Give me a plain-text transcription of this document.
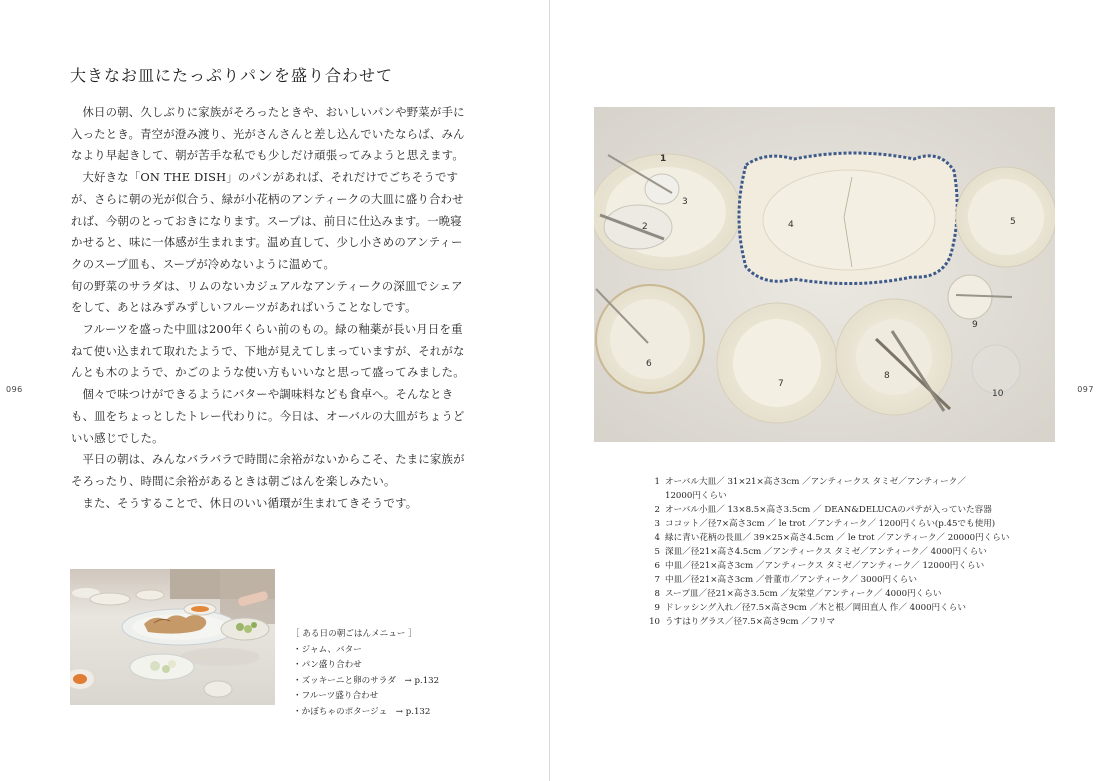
096
大きなお皿にたっぷりパンを盛り合わせて

休日の朝、久しぶりに家族がそろったときや、おいしいパンや野菜が手に入ったとき。青空が澄み渡り、光がさんさんと差し込んでいたならば、みんなより早起きして、朝が苦手な私でも少しだけ頑張ってみようと思えます。

大好きな「ON THE DISH」のパンがあれば、それだけでごちそうですが、さらに朝の光が似合う、緑が小花柄のアンティークの大皿に盛り合わせれば、今朝のとっておきになります。スープは、前日に仕込みます。一晩寝かせると、味に一体感が生まれます。温め直して、少し小さめのアンティークのスープ皿も、スープが冷めないように温めて。

旬の野菜のサラダは、リムのないカジュアルなアンティークの深皿でシェアをして、あとはみずみずしいフルーツがあればいうことなしです。

フルーツを盛った中皿は200年くらい前のもの。緑の釉薬が長い月日を重ねて使い込まれて取れたようで、下地が見えてしまっていますが、それがなんとも木のようで、かごのような使い方もいいなと思って盛ってみました。

個々で味つけができるようにバターや調味料なども食卓へ。そんなときも、皿をちょっとしたトレー代わりに。今日は、オーバルの大皿がちょうどいい感じでした。

平日の朝は、みんなバラバラで時間に余裕がないからこそ、たまに家族がそろったり、時間に余裕があるときは朝ごはんを楽しみたい。

また、そうすることで、休日のいい循環が生まれてきそうです。

［ ある日の朝ごはんメニュー ］
・ジャム、バター
・パン盛り合わせ
・ズッキーニと卵のサラダ　→ p.132
・フルーツ盛り合わせ
・かぼちゃのポタージュ　→ p.132
097
1
3
2	4	5
6
7
8
9
10
1 オーバル大皿／ 31×21×高さ3cm ／アンティークス タミゼ／アンティーク／
12000円くらい
2 オーバル小皿／ 13×8.5×高さ3.5cm ／ DEAN&DELUCAのパテが入っていた容器
3 ココット／径7×高さ3cm ／ le trot ／アンティーク／ 1200円くらい(p.45でも使用)
4 緑に青い花柄の長皿／ 39×25×高さ4.5cm ／ le trot ／アンティーク／ 20000円くらい
5 深皿／径21×高さ4.5cm ／アンティークス タミゼ／アンティーク／ 4000円くらい
6 中皿／径21×高さ3cm ／アンティークス タミゼ／アンティーク／ 12000円くらい
7 中皿／径21×高さ3cm ／骨董市／アンティーク／ 3000円くらい
8 スープ皿／径21×高さ3.5cm ／友栄堂／アンティーク／ 4000円くらい
9 ドレッシング入れ／径7.5×高さ9cm ／木と根／岡田直人 作／ 4000円くらい
10 うすはりグラス／径7.5×高さ9cm ／フリマ
